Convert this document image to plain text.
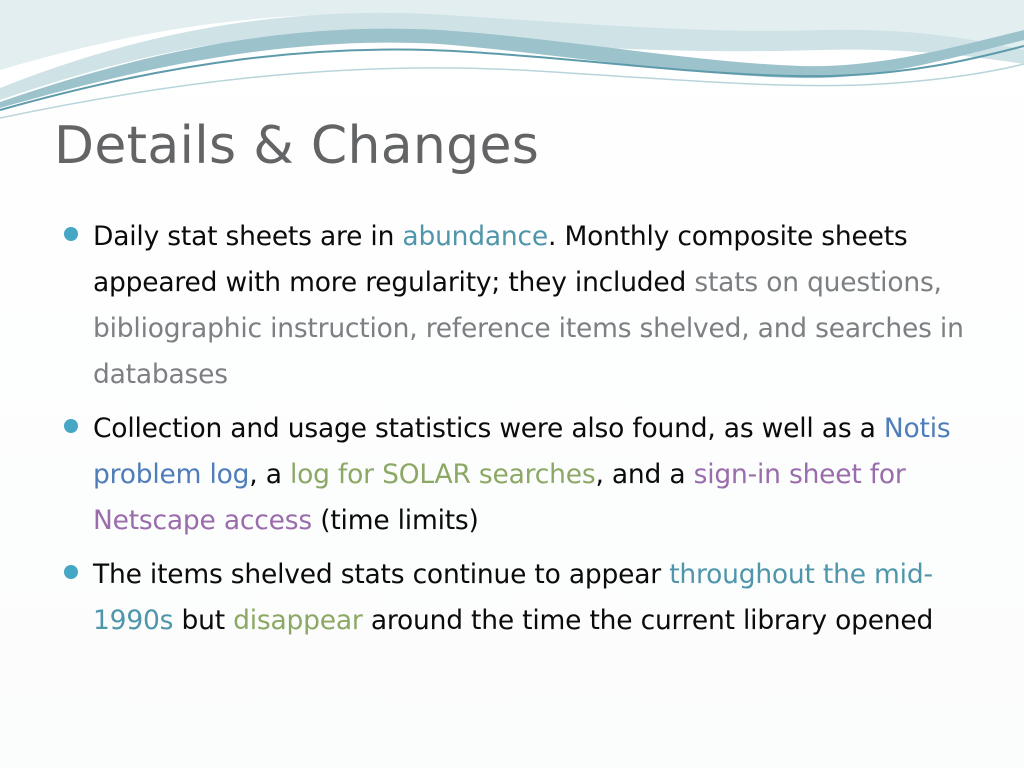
Details & Changes
Daily stat sheets are in abundance. Monthly composite sheets appeared with more regularity; they included stats on questions, bibliographic instruction, reference items shelved, and searches in databases
Collection and usage statistics were also found, as well as a Notis problem log, a log for SOLAR searches, and a sign-in sheet for Netscape access (time limits)
The items shelved stats continue to appear throughout the mid-1990s but disappear around the time the current library opened
